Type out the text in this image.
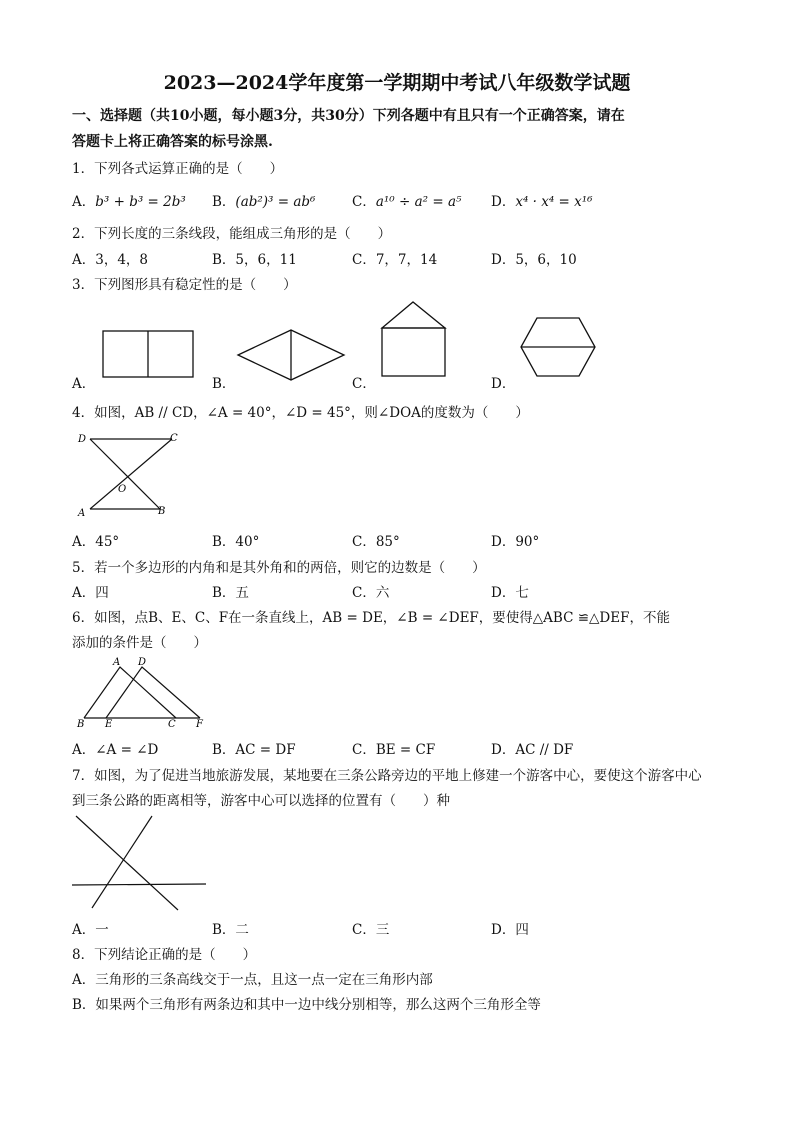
2023—2024学年度第一学期期中考试八年级数学试题
一、选择题（共10小题，每小题3分，共30分）下列各题中有且只有一个正确答案，请在
答题卡上将正确答案的标号涂黑.
1．下列各式运算正确的是（　　）
A．b³ + b³ = 2b³ B．(ab²)³ = ab⁶	C．a¹⁰ ÷ a² = a⁵ D．x⁴ · x⁴ = x¹⁶
2．下列长度的三条线段，能组成三角形的是（　　）
A．3，4，8	B．5，6，11	C．7，7，14	D．5，6，10
3．下列图形具有稳定性的是（　　）
A．	B．	C．	D．
4．如图，AB // CD，∠A = 40°，∠D = 45°，则∠DOA的度数为（　　）
D	C
O
A	B
A．45°	B．40°	C．85°	D．90°
5．若一个多边形的内角和是其外角和的两倍，则它的边数是（　　）
A．四	B．五	C．六	D．七
6．如图，点B、E、C、F在一条直线上，AB = DE，∠B = ∠DEF，要使得△ABC ≌△DEF，不能
添加的条件是（　　）
A D
B E	C F
A．∠A = ∠D	B．AC = DF	C．BE = CF	D．AC // DF
7．如图，为了促进当地旅游发展，某地要在三条公路旁边的平地上修建一个游客中心，要使这个游客中心
到三条公路的距离相等，游客中心可以选择的位置有（　　）种
A．一	B．二	C．三	D．四
8．下列结论正确的是（　　）
A．三角形的三条高线交于一点，且这一点一定在三角形内部
B．如果两个三角形有两条边和其中一边中线分别相等，那么这两个三角形全等
